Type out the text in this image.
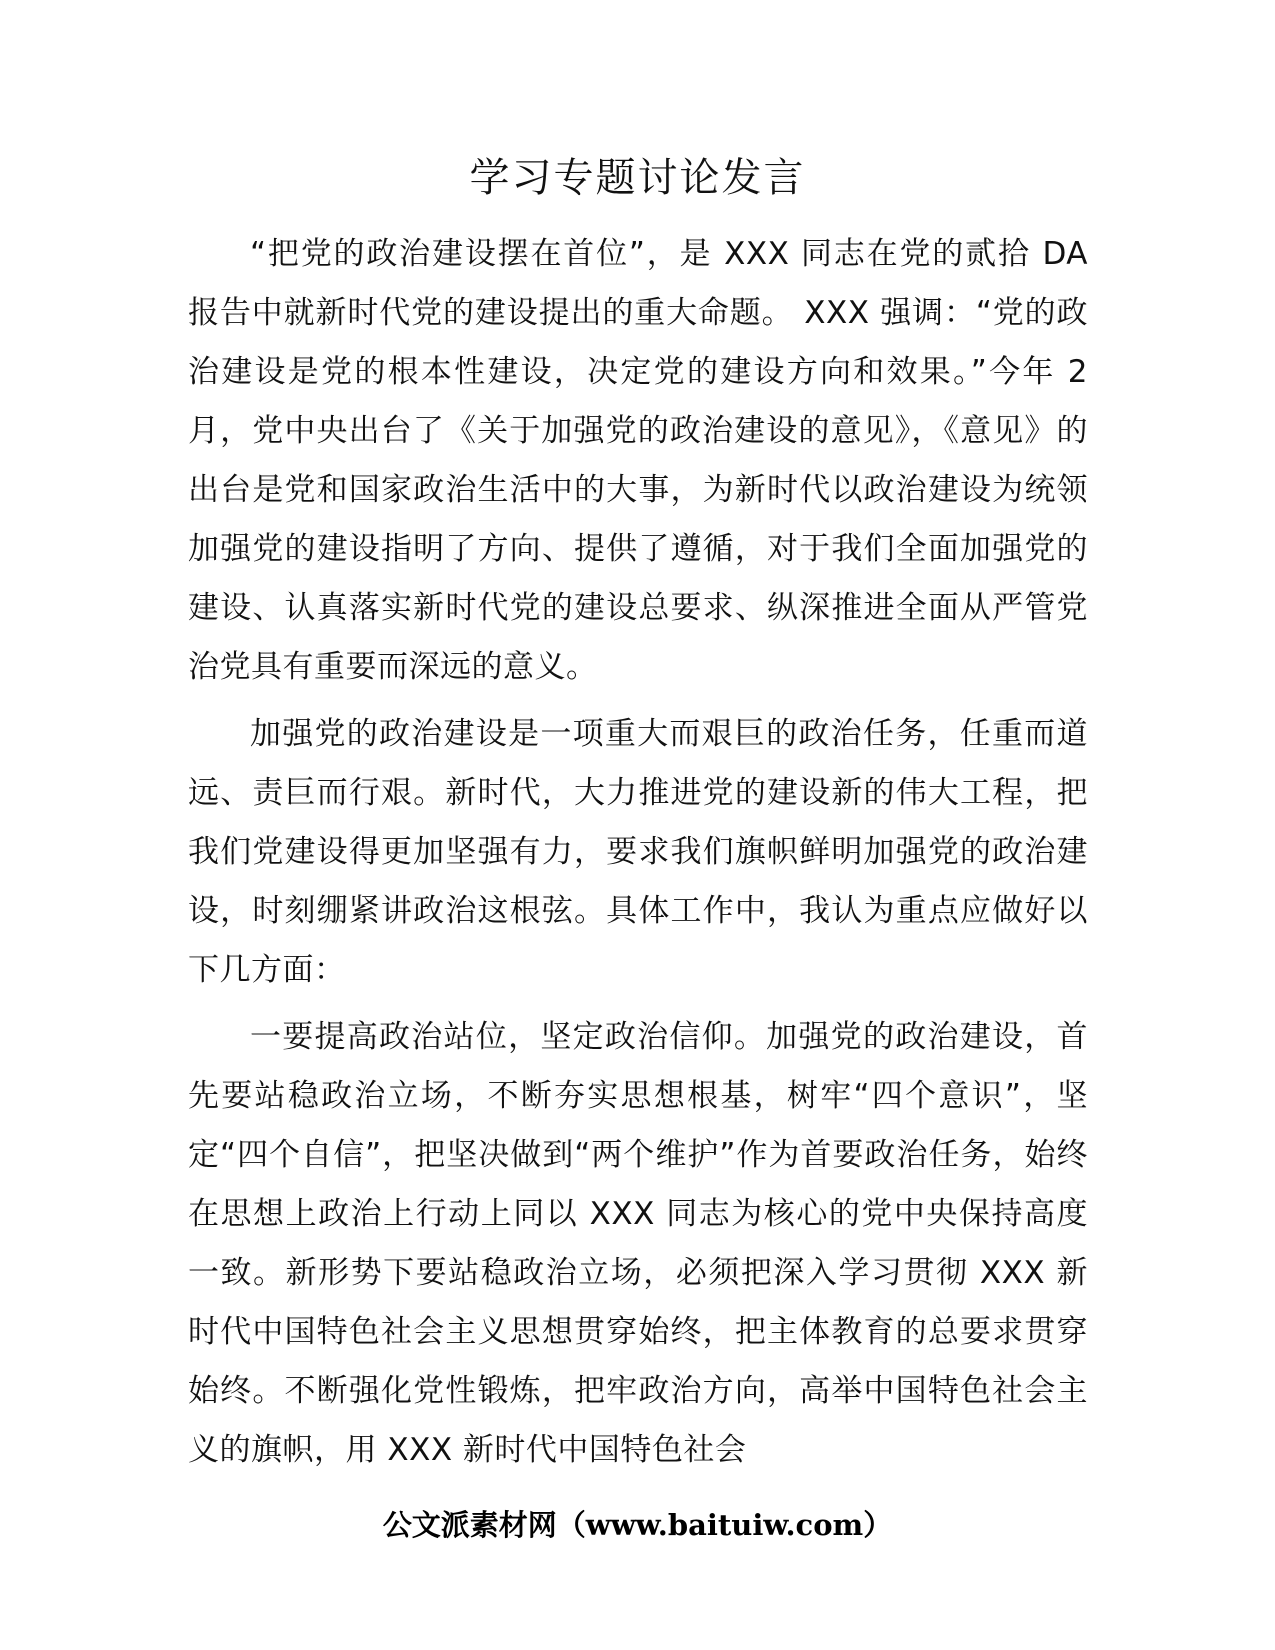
学习专题讨论发言

“把党的政治建设摆在首位”，是 XXX 同志在党的贰拾 DA 报告中就新时代党的建设提出的重大命题。 XXX 强调：“党的政治建设是党的根本性建设，决定党的建设方向和效果。”今年 2 月，党中央出台了《关于加强党的政治建设的意见》，《意见》的出台是党和国家政治生活中的大事，为新时代以政治建设为统领加强党的建设指明了方向、提供了遵循，对于我们全面加强党的建设、认真落实新时代党的建设总要求、纵深推进全面从严管党治党具有重要而深远的意义。

加强党的政治建设是一项重大而艰巨的政治任务，任重而道远、责巨而行艰。新时代，大力推进党的建设新的伟大工程，把我们党建设得更加坚强有力，要求我们旗帜鲜明加强党的政治建设，时刻绷紧讲政治这根弦。具体工作中，我认为重点应做好以下几方面：

一要提高政治站位，坚定政治信仰。加强党的政治建设，首先要站稳政治立场，不断夯实思想根基，树牢“四个意识”，坚定“四个自信”，把坚决做到“两个维护”作为首要政治任务，始终在思想上政治上行动上同以 XXX 同志为核心的党中央保持高度一致。新形势下要站稳政治立场，必须把深入学习贯彻 XXX 新时代中国特色社会主义思想贯穿始终，把主体教育的总要求贯穿始终。不断强化党性锻炼，把牢政治方向，高举中国特色社会主义的旗帜，用 XXX 新时代中国特色社会

公文派素材网（www.baituiw.com）
